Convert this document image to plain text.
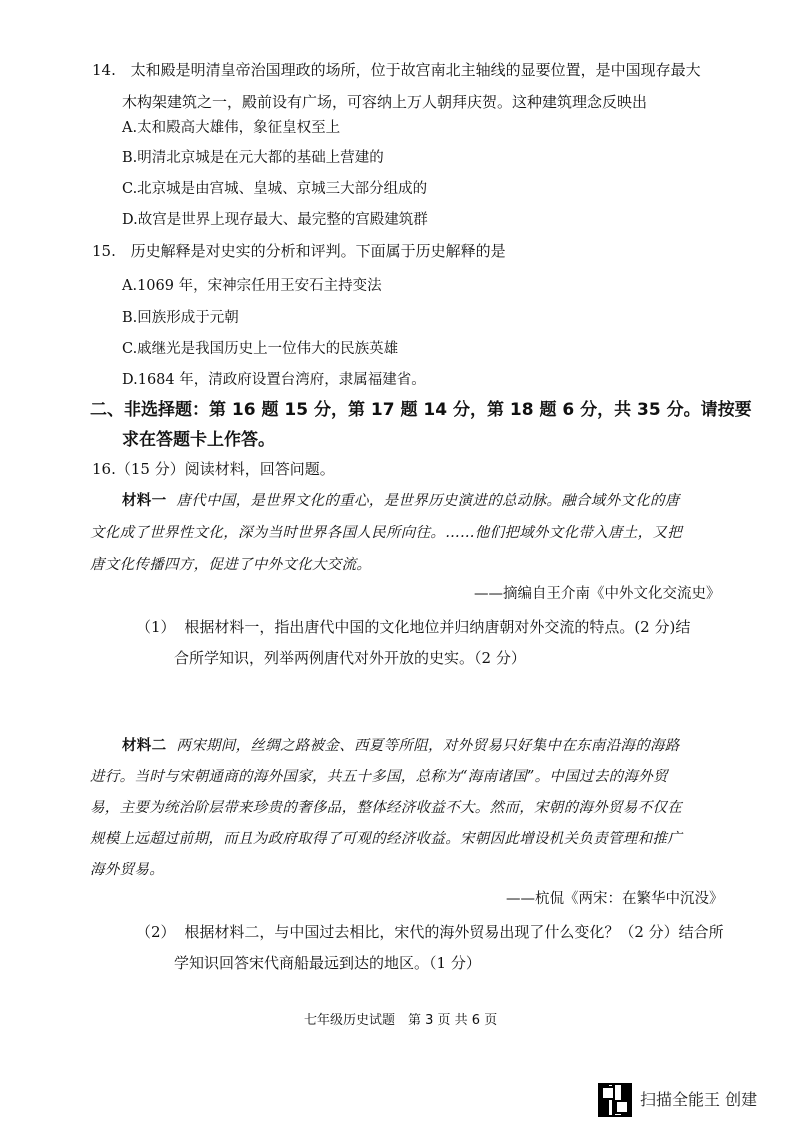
14. 太和殿是明清皇帝治国理政的场所，位于故宫南北主轴线的显要位置，是中国现存最大
木构架建筑之一，殿前设有广场，可容纳上万人朝拜庆贺。这种建筑理念反映出
A.太和殿高大雄伟，象征皇权至上
B.明清北京城是在元大都的基础上营建的
C.北京城是由宫城、皇城、京城三大部分组成的
D.故宫是世界上现存最大、最完整的宫殿建筑群
15. 历史解释是对史实的分析和评判。下面属于历史解释的是
A.1069 年，宋神宗任用王安石主持变法
B.回族形成于元朝
C.戚继光是我国历史上一位伟大的民族英雄
D.1684 年，清政府设置台湾府，隶属福建省。
二、非选择题：第 16 题 15 分，第 17 题 14 分，第 18 题 6 分，共 35 分。请按要
求在答题卡上作答。
16.（15 分）阅读材料，回答问题。
材料一 唐代中国，是世界文化的重心，是世界历史演进的总动脉。融合域外文化的唐
文化成了世界性文化，深为当时世界各国人民所向往。……他们把域外文化带入唐土，又把
唐文化传播四方，促进了中外文化大交流。
——摘编自王介南《中外文化交流史》
（1） 根据材料一，指出唐代中国的文化地位并归纳唐朝对外交流的特点。(2 分)结
合所学知识，列举两例唐代对外开放的史实。（2 分）
材料二 两宋期间，丝绸之路被金、西夏等所阻，对外贸易只好集中在东南沿海的海路
进行。当时与宋朝通商的海外国家，共五十多国，总称为“海南诸国”。中国过去的海外贸
易，主要为统治阶层带来珍贵的奢侈品，整体经济收益不大。然而，宋朝的海外贸易不仅在
规模上远超过前期，而且为政府取得了可观的经济收益。宋朝因此增设机关负责管理和推广
海外贸易。
——杭侃《两宋：在繁华中沉没》
（2） 根据材料二，与中国过去相比，宋代的海外贸易出现了什么变化？（2 分）结合所
学知识回答宋代商船最远到达的地区。（1 分）
七年级历史试题　第 3 页 共 6 页
扫描全能王 创建
